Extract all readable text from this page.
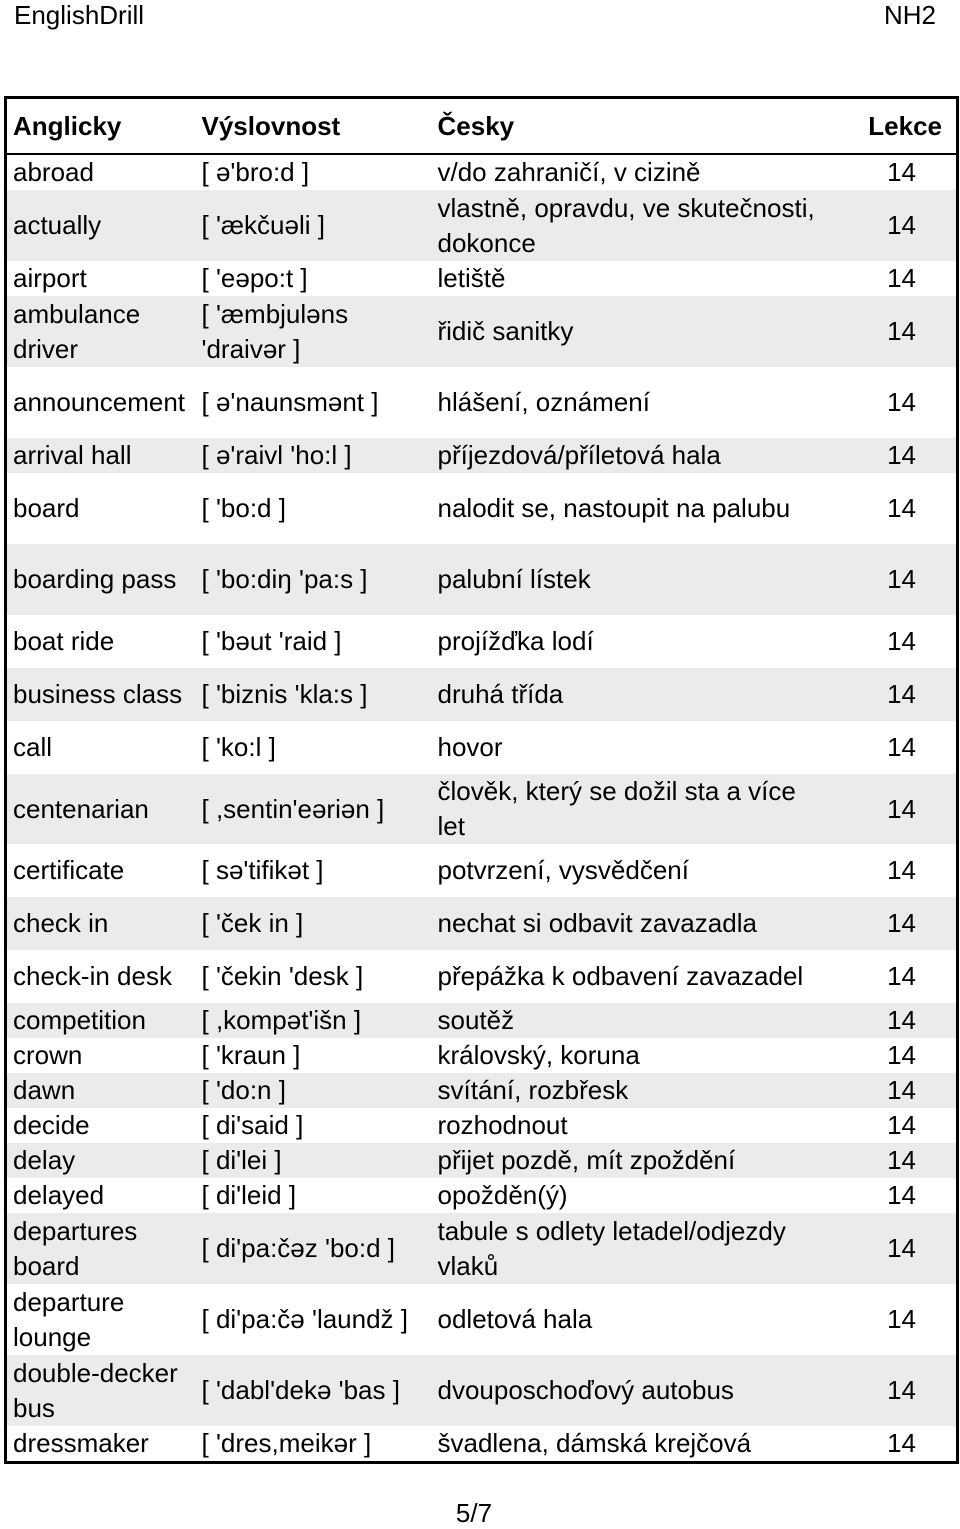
EnglishDrill	NH2
Anglicky	Výslovnost	Česky	Lekce
abroad	[ ə'bro:d ]	v/do zahraničí, v cizině	14
actually	[ 'ækčuəli ]	vlastně, opravdu, ve skutečnosti, dokonce	14
airport	[ 'eəpo:t ]	letiště	14
ambulance driver	[ 'æmbjuləns 'draivər ]	řidič sanitky	14
announcement	[ ə'naunsmənt ]	hlášení, oznámení	14
arrival hall	[ ə'raivl 'ho:l ]	příjezdová/příletová hala	14
board	[ 'bo:d ]	nalodit se, nastoupit na palubu	14
boarding pass	[ 'bo:diŋ 'pa:s ]	palubní lístek	14
boat ride	[ 'bəut 'raid ]	projížďka lodí	14
business class	[ 'biznis 'kla:s ]	druhá třída	14
call	[ 'ko:l ]	hovor	14
centenarian	[ ,sentin'eəriən ]	člověk, který se dožil sta a více let	14
certificate	[ sə'tifikət ]	potvrzení, vysvědčení	14
check in	[ 'ček in ]	nechat si odbavit zavazadla	14
check-in desk	[ 'čekin 'desk ]	přepážka k odbavení zavazadel	14
competition	[ ,kompət'išn ]	soutěž	14
crown	[ 'kraun ]	královský, koruna	14
dawn	[ 'do:n ]	svítání, rozbřesk	14
decide	[ di'said ]	rozhodnout	14
delay	[ di'lei ]	přijet pozdě, mít zpoždění	14
delayed	[ di'leid ]	opožděn(ý)	14
departures board	[ di'pa:čəz 'bo:d ]	tabule s odlety letadel/odjezdy vlaků	14
departure lounge	[ di'pa:čə 'laundž ]	odletová hala	14
double-decker bus	[ 'dabl'dekə 'bas ]	dvouposchoďový autobus	14
dressmaker	[ 'dres,meikər ]	švadlena, dámská krejčová	14
5/7
